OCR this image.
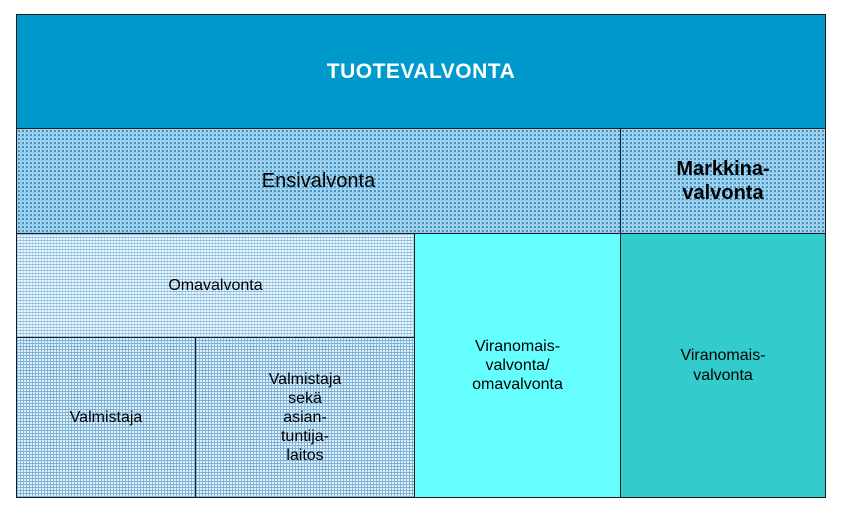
TUOTEVALVONTA
Ensivalvonta
Markkina-
valvonta
Omavalvonta
Valmistaja
Valmistaja
sekä
asian-
tuntija-
laitos
Viranomais-
valvonta/
omavalvonta
Viranomais-
valvonta
